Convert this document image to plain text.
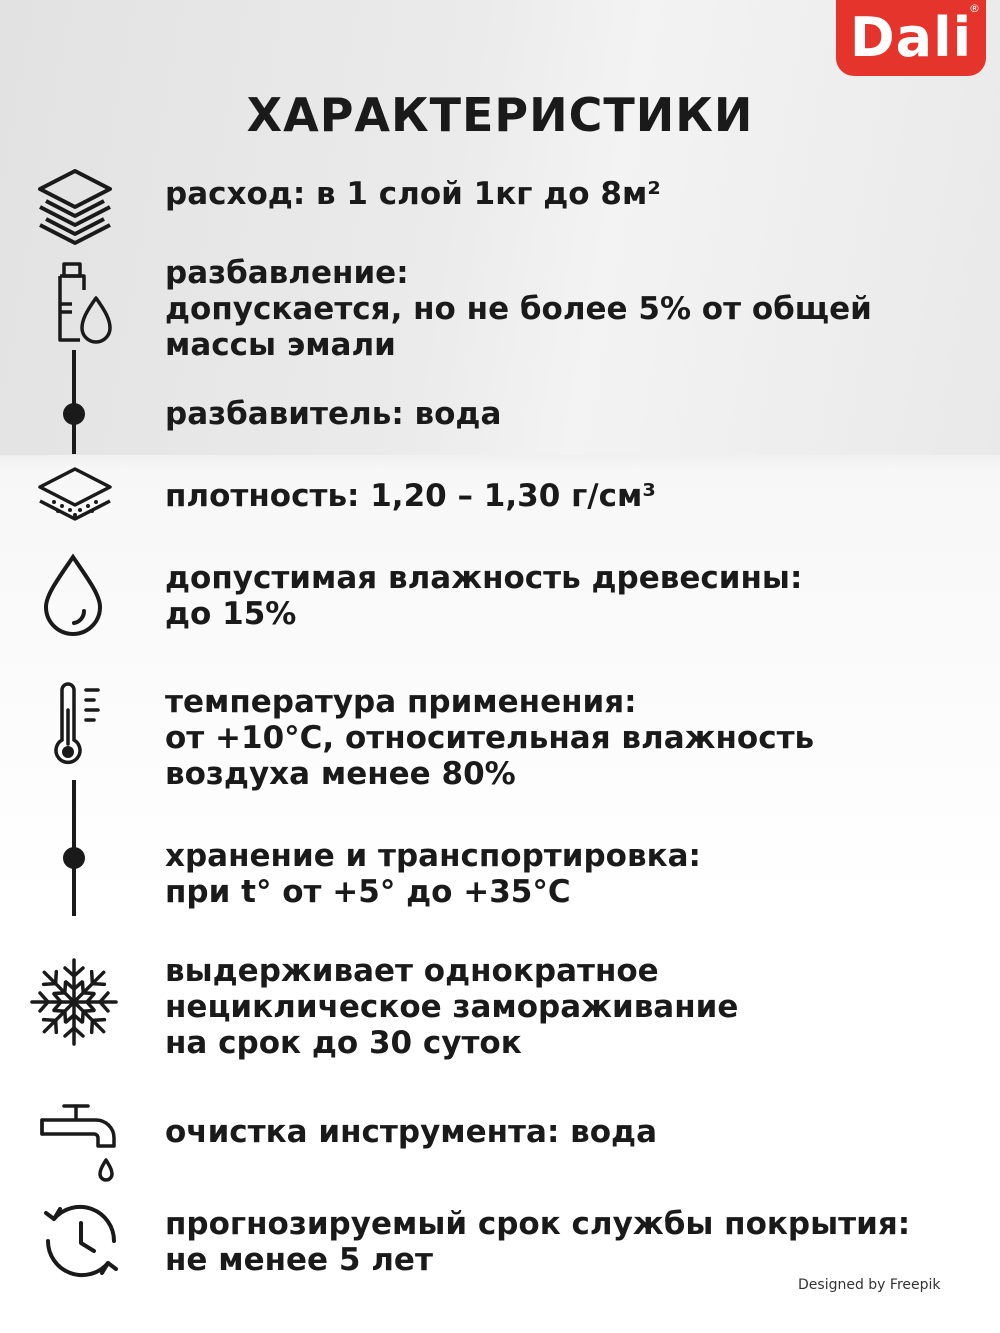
Dali
®
ХАРАКТЕРИСТИКИ
расход: в 1 слой 1кг до 8м²
разбавление:
допускается, но не более 5% от общей
массы эмали
разбавитель: вода
плотность: 1,20 – 1,30 г/см³
допустимая влажность древесины:
до 15%
температура применения:
от +10°C, относительная влажность
воздуха менее 80%
хранение и транспортировка:
при t° от +5° до +35°C
выдерживает однократное
нециклическое замораживание
на срок до 30 суток
очистка инструмента: вода
прогнозируемый срок службы покрытия:
не менее 5 лет
Designed by Freepik
